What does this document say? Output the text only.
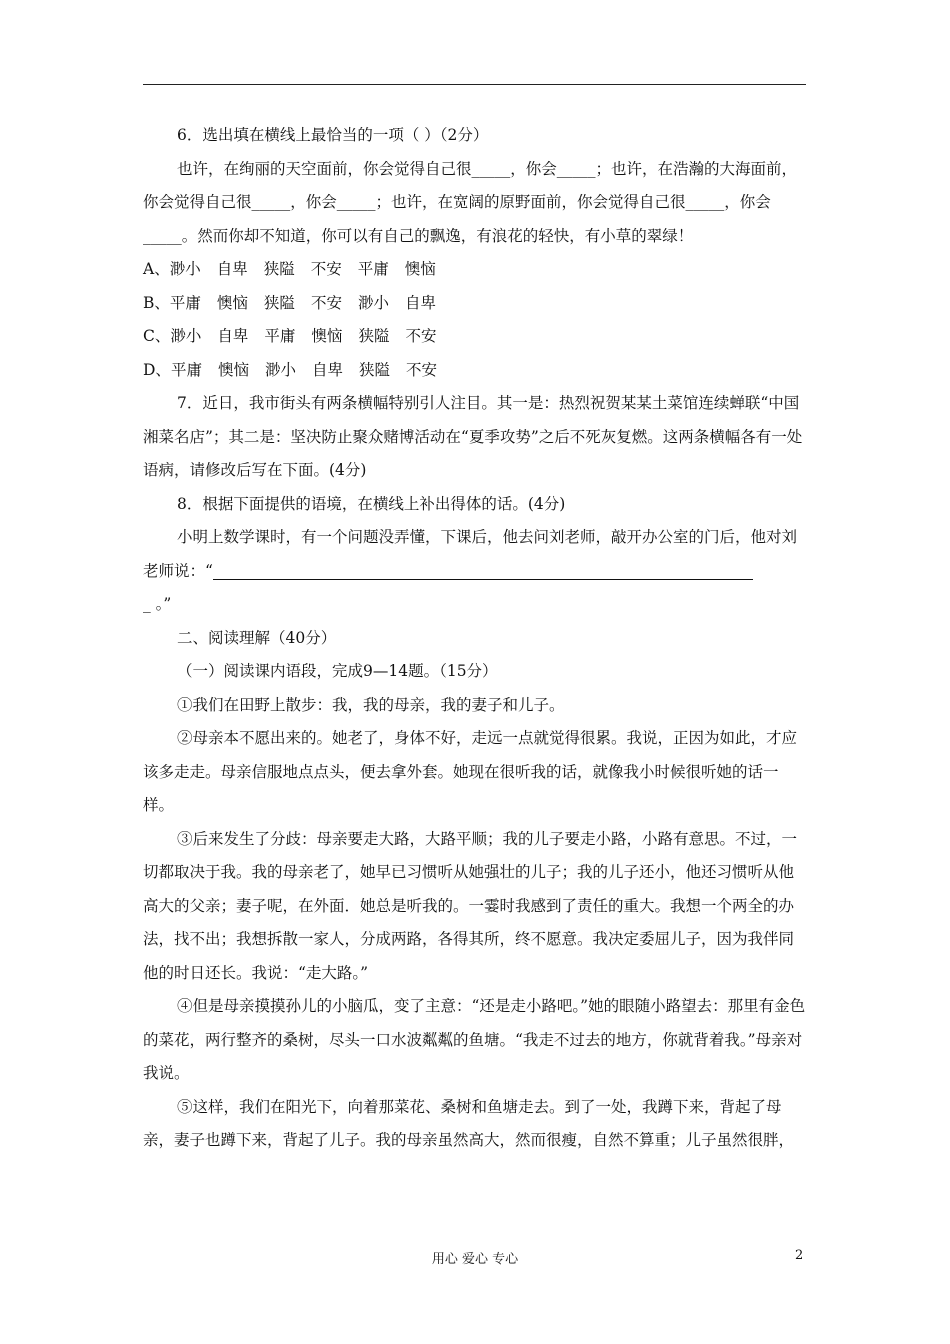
6．选出填在横线上最恰当的一项（ ）（2分）

也许，在绚丽的天空面前，你会觉得自己很_____，你会_____；也许，在浩瀚的大海面前，你会觉得自己很_____，你会_____；也许，在宽阔的原野面前，你会觉得自己很_____，你会_____。然而你却不知道，你可以有自己的飘逸，有浪花的轻快，有小草的翠绿！

A、渺小 自卑 狭隘 不安 平庸 懊恼

B、平庸 懊恼 狭隘 不安 渺小 自卑

C、渺小 自卑 平庸 懊恼 狭隘 不安

D、平庸 懊恼 渺小 自卑 狭隘 不安

7．近日，我市街头有两条横幅特别引人注目。其一是：热烈祝贺某某土菜馆连续蝉联“中国湘菜名店”；其二是：坚决防止聚众赌博活动在“夏季攻势”之后不死灰复燃。这两条横幅各有一处语病，请修改后写在下面。(4分)

8．根据下面提供的语境，在横线上补出得体的话。(4分)

小明上数学课时，有一个问题没弄懂，下课后，他去问刘老师，敲开办公室的门后，他对刘老师说：“

_ 。”

二、阅读理解（40分）

（一）阅读课内语段，完成9—14题。（15分）

①我们在田野上散步：我，我的母亲，我的妻子和儿子。

②母亲本不愿出来的。她老了，身体不好，走远一点就觉得很累。我说，正因为如此，才应该多走走。母亲信服地点点头，便去拿外套。她现在很听我的话，就像我小时候很听她的话一样。

③后来发生了分歧：母亲要走大路，大路平顺；我的儿子要走小路，小路有意思。不过，一切都取决于我。我的母亲老了，她早已习惯听从她强壮的儿子；我的儿子还小，他还习惯听从他高大的父亲；妻子呢，在外面．她总是听我的。一霎时我感到了责任的重大。我想一个两全的办法，找不出；我想拆散一家人，分成两路，各得其所，终不愿意。我决定委屈儿子，因为我伴同他的时日还长。我说：“走大路。”

④但是母亲摸摸孙儿的小脑瓜，变了主意：“还是走小路吧。”她的眼随小路望去：那里有金色的菜花，两行整齐的桑树，尽头一口水波粼粼的鱼塘。“我走不过去的地方，你就背着我。”母亲对我说。

⑤这样，我们在阳光下，向着那菜花、桑树和鱼塘走去。到了一处，我蹲下来，背起了母亲，妻子也蹲下来，背起了儿子。我的母亲虽然高大，然而很瘦，自然不算重；儿子虽然很胖，

用心 爱心 专心	2
